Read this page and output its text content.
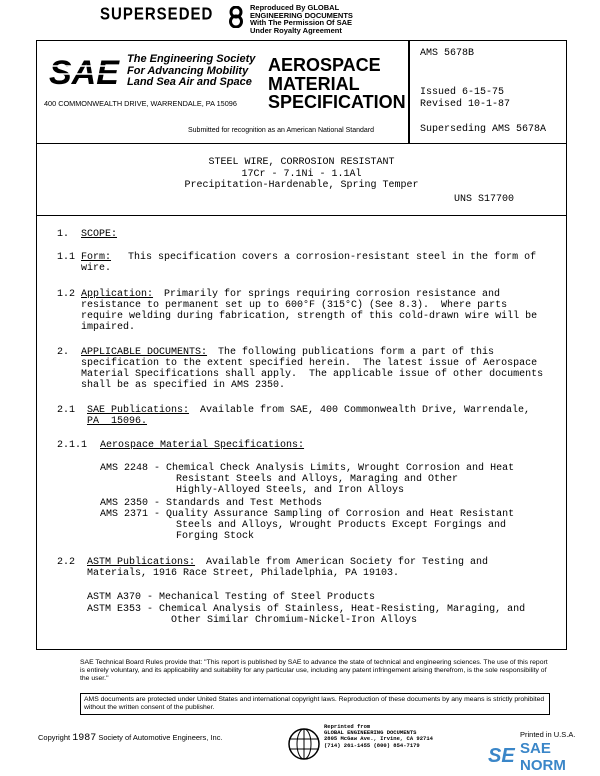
SUPERSEDED	Reproduced By GLOBAL
ENGINEERING DOCUMENTS
With The Permission Of SAE
Under Royalty Agreement
SAE The Engineering Society
For Advancing Mobility
Land Sea Air and Space
400 COMMONWEALTH DRIVE, WARRENDALE, PA 15096
AEROSPACE
MATERIAL
SPECIFICATION
Submitted for recognition as an American National Standard
AMS 5678B
Issued 6-15-75
Revised 10-1-87
Superseding AMS 5678A
STEEL WIRE, CORROSION RESISTANT
17Cr - 7.1Ni - 1.1Al
Precipitation-Hardenable, Spring Temper
UNS S17700
1. SCOPE:
1.1 Form: This specification covers a corrosion-resistant steel in the form of
wire.
1.2 Application: Primarily for springs requiring corrosion resistance and
resistance to permanent set up to 600°F (315°C) (See 8.3).  Where parts
require welding during fabrication, strength of this cold-drawn wire will be
impaired.
2. APPLICABLE DOCUMENTS: The following publications form a part of this
specification to the extent specified herein.  The latest issue of Aerospace
Material Specifications shall apply.  The applicable issue of other documents
shall be as specified in AMS 2350.
2.1 SAE Publications: Available from SAE, 400 Commonwealth Drive, Warrendale,
PA  15096.
2.1.1 Aerospace Material Specifications:
AMS 2248 - Chemical Check Analysis Limits, Wrought Corrosion and Heat
Resistant Steels and Alloys, Maraging and Other
Highly-Alloyed Steels, and Iron Alloys
AMS 2350 - Standards and Test Methods
AMS 2371 - Quality Assurance Sampling of Corrosion and Heat Resistant
Steels and Alloys, Wrought Products Except Forgings and
Forging Stock
2.2 ASTM Publications: Available from American Society for Testing and
Materials, 1916 Race Street, Philadelphia, PA 19103.
ASTM A370 - Mechanical Testing of Steel Products
ASTM E353 - Chemical Analysis of Stainless, Heat-Resisting, Maraging, and
Other Similar Chromium-Nickel-Iron Alloys
SAE Technical Board Rules provide that: "This report is published by SAE to advance the state of technical and engineering sciences. The use of this report is entirely voluntary, and its applicability and suitability for any particular use, including any patent infringement arising therefrom, is the sole responsibility of the user."
AMS documents are protected under United States and international copyright laws. Reproduction of these documents by any means is strictly prohibited without the written consent of the publisher.
Copyright 1987 Society of Automotive Engineers, Inc.
Reprinted from
GLOBAL ENGINEERING DOCUMENTS
2805 McGaw Ave., Irvine, CA 92714
(714) 261-1455 (800) 854-7179
Printed in U.S.A.
SE SAE NORM
